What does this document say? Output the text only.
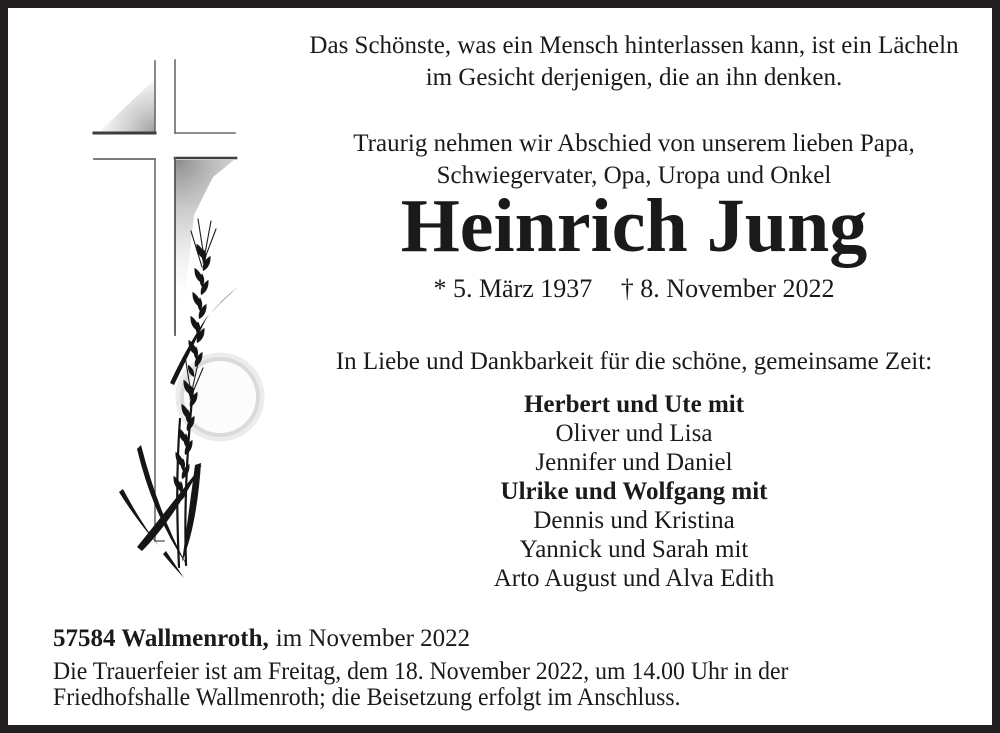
Das Schönste, was ein Mensch hinterlassen kann, ist ein Lächeln
im Gesicht derjenigen, die an ihn denken.

Traurig nehmen wir Abschied von unserem lieben Papa,
Schwiegervater, Opa, Uropa und Onkel

Heinrich Jung

* 5. März 1937 † 8. November 2022

In Liebe und Dankbarkeit für die schöne, gemeinsame Zeit:

Herbert und Ute mit
Oliver und Lisa
Jennifer und Daniel
Ulrike und Wolfgang mit
Dennis und Kristina
Yannick und Sarah mit
Arto August und Alva Edith

57584 Wallmenroth, im November 2022

Die Trauerfeier ist am Freitag, dem 18. November 2022, um 14.00 Uhr in der
Friedhofshalle Wallmenroth; die Beisetzung erfolgt im Anschluss.
